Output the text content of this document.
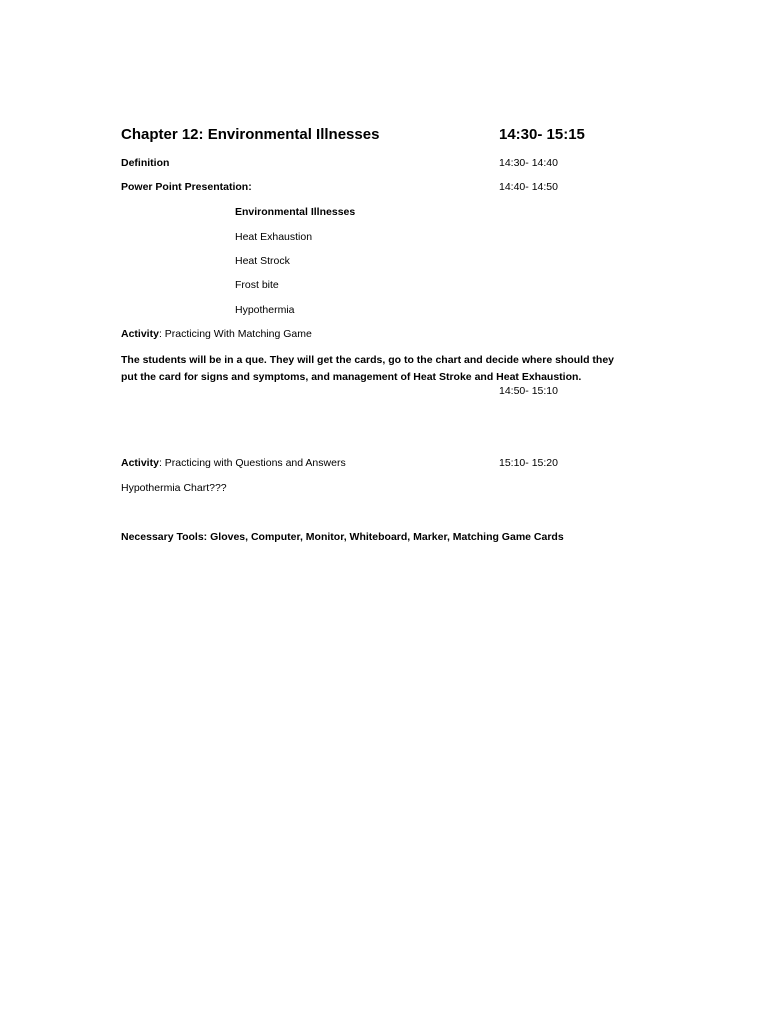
Chapter 12: Environmental Illnesses	14:30- 15:15
Definition	14:30- 14:40
Power Point Presentation:	14:40- 14:50
Environmental Illnesses
Heat Exhaustion
Heat Strock
Frost bite
Hypothermia
Activity: Practicing With Matching Game
The students will be in a que. They will get the cards, go to the chart and decide where should they
put the card for signs and symptoms, and management of Heat Stroke and Heat Exhaustion.
14:50- 15:10
Activity: Practicing with Questions and Answers	15:10- 15:20
Hypothermia Chart???
Necessary Tools: Gloves, Computer, Monitor, Whiteboard, Marker, Matching Game Cards
